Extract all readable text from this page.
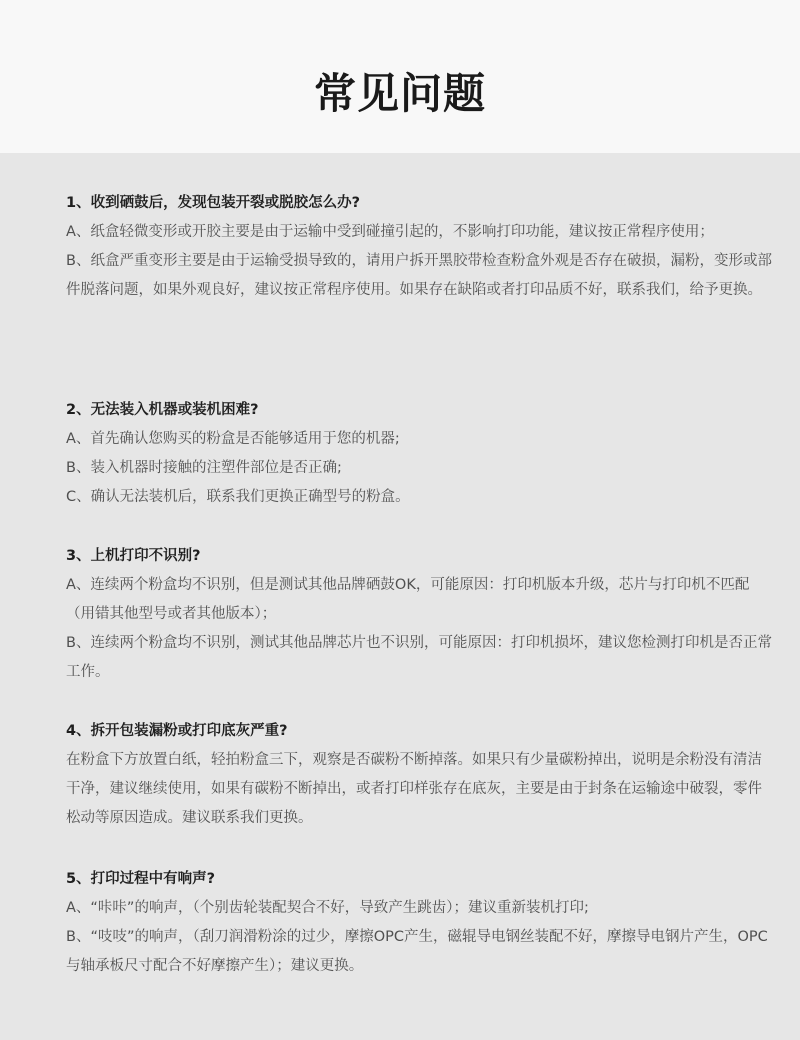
常见问题

1、收到硒鼓后，发现包装开裂或脱胶怎么办?

A、纸盒轻微变形或开胶主要是由于运输中受到碰撞引起的，不影响打印功能，建议按正常程序使用；

B、纸盒严重变形主要是由于运输受损导致的，请用户拆开黑胶带检查粉盒外观是否存在破损，漏粉，变形或部件脱落问题，如果外观良好，建议按正常程序使用。如果存在缺陷或者打印品质不好，联系我们，给予更换。

2、无法装入机器或装机困难?

A、首先确认您购买的粉盒是否能够适用于您的机器;

B、装入机器时接触的注塑件部位是否正确;

C、确认无法装机后，联系我们更换正确型号的粉盒。

3、上机打印不识别?

A、连续两个粉盒均不识别，但是测试其他品牌硒鼓OK，可能原因：打印机版本升级，芯片与打印机不匹配（用错其他型号或者其他版本）；

B、连续两个粉盒均不识别，测试其他品牌芯片也不识别，可能原因：打印机损坏，建议您检测打印机是否正常工作。

4、拆开包装漏粉或打印底灰严重?

在粉盒下方放置白纸，轻拍粉盒三下，观察是否碳粉不断掉落。如果只有少量碳粉掉出，说明是余粉没有清洁干净，建议继续使用，如果有碳粉不断掉出，或者打印样张存在底灰，主要是由于封条在运输途中破裂，零件松动等原因造成。建议联系我们更换。

5、打印过程中有响声?

A、“咔咔”的响声，（个别齿轮装配契合不好，导致产生跳齿）；建议重新装机打印;

B、“吱吱”的响声，（刮刀润滑粉涂的过少，摩擦OPC产生，磁辊导电钢丝装配不好，摩擦导电钢片产生，OPC与轴承板尺寸配合不好摩擦产生）；建议更换。
